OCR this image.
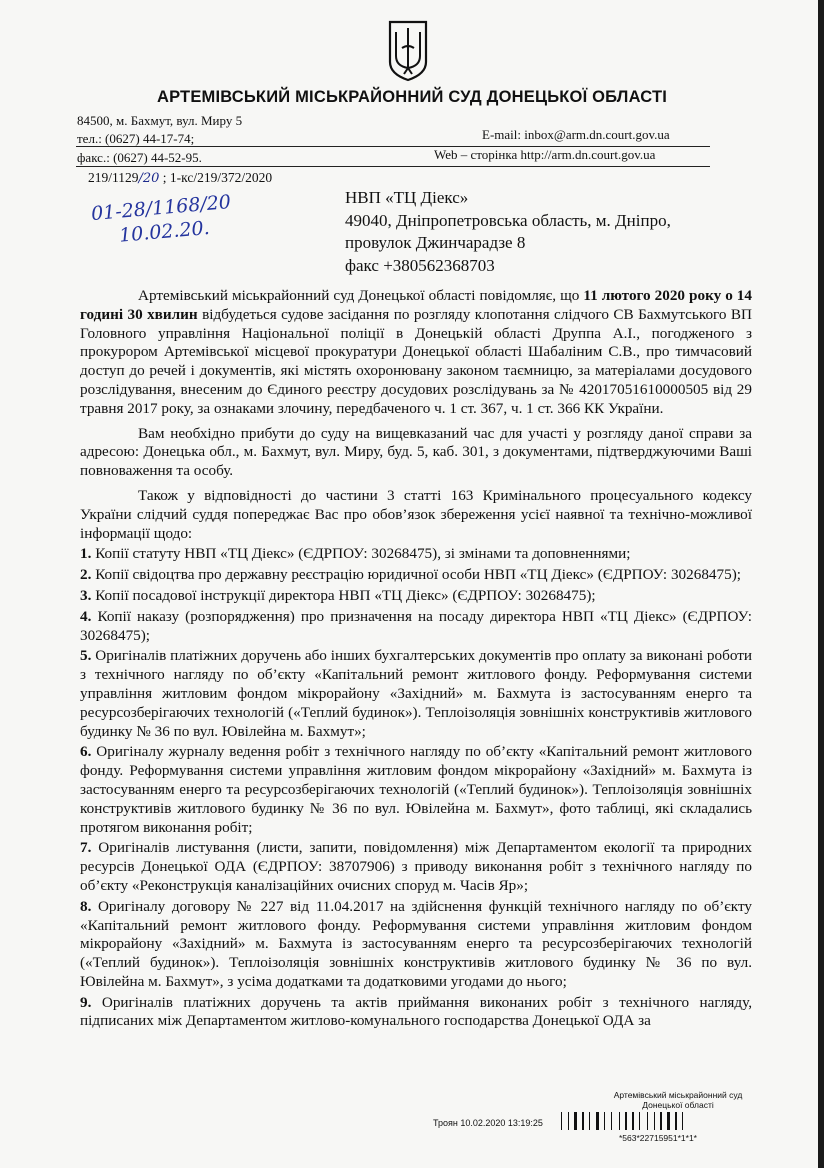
АРТЕМІВСЬКИЙ МІСЬКРАЙОННИЙ СУД ДОНЕЦЬКОЇ ОБЛАСТІ
84500, м. Бахмут, вул. Миру 5
тел.: (0627) 44-17-74;
факс.: (0627) 44-52-95.
E-mail: inbox@arm.dn.court.gov.ua
Web – сторінка http://arm.dn.court.gov.ua
219/1129/20 ; 1-кс/219/372/2020
01-28/1168/20
10.02.20.
НВП «ТЦ Діекс»
49040, Дніпропетровська область, м. Дніпро,
провулок Джинчарадзе 8
факс +380562368703

Артемівський міськрайонний суд Донецької області повідомляє, що 11 лютого 2020 року о 14 годині 30 хвилин відбудеться судове засідання по розгляду клопотання слідчого СВ Бахмутського ВП Головного управління Національної поліції в Донецькій області Друппа А.І., погодженого з прокурором Артемівської місцевої прокуратури Донецької області Шабаліним С.В., про тимчасовий доступ до речей і документів, які містять охоронювану законом таємницю, за матеріалами досудового розслідування, внесеним до Єдиного реєстру досудових розслідувань за № 42017051610000505 від 29 травня 2017 року, за ознаками злочину, передбаченого ч. 1 ст. 367, ч. 1 ст. 366 КК України.

Вам необхідно прибути до суду на вищевказаний час для участі у розгляду даної справи за адресою: Донецька обл., м. Бахмут, вул. Миру, буд. 5, каб. 301, з документами, підтверджуючими Ваші повноваження та особу.

Також у відповідності до частини 3 статті 163 Кримінального процесуального кодексу України слідчий суддя попереджає Вас про обов’язок збереження усієї наявної та технічно-можливої інформації щодо:

1. Копії статуту НВП «ТЦ Діекс» (ЄДРПОУ: 30268475), зі змінами та доповненнями;

2. Копії свідоцтва про державну реєстрацію юридичної особи НВП «ТЦ Діекс» (ЄДРПОУ: 30268475);

3. Копії посадової інструкції директора НВП «ТЦ Діекс» (ЄДРПОУ: 30268475);

4. Копії наказу (розпорядження) про призначення на посаду директора НВП «ТЦ Діекс» (ЄДРПОУ: 30268475);

5. Оригіналів платіжних доручень або інших бухгалтерських документів про оплату за виконані роботи з технічного нагляду по об’єкту «Капітальний ремонт житлового фонду. Реформування системи управління житловим фондом мікрорайону «Західний» м. Бахмута із застосуванням енерго та ресурсозберігаючих технологій («Теплий будинок»). Теплоізоляція зовнішніх конструктивів житлового будинку № 36 по вул. Ювілейна м. Бахмут»;

6. Оригіналу журналу ведення робіт з технічного нагляду по об’єкту «Капітальний ремонт житлового фонду. Реформування системи управління житловим фондом мікрорайону «Західний» м. Бахмута із застосуванням енерго та ресурсозберігаючих технологій («Теплий будинок»). Теплоізоляція зовнішніх конструктивів житлового будинку № 36 по вул. Ювілейна м. Бахмут», фото таблиці, які складались протягом виконання робіт;

7. Оригіналів листування (листи, запити, повідомлення) між Департаментом екології та природних ресурсів Донецької ОДА (ЄДРПОУ: 38707906) з приводу виконання робіт з технічного нагляду по об’єкту «Реконструкція каналізаційних очисних споруд м. Часів Яр»;

8. Оригіналу договору № 227 від 11.04.2017 на здійснення функцій технічного нагляду по об’єкту «Капітальний ремонт житлового фонду. Реформування системи управління житловим фондом мікрорайону «Західний» м. Бахмута із застосуванням енерго та ресурсозберігаючих технологій («Теплий будинок»). Теплоізоляція зовнішніх конструктивів житлового будинку № 36 по вул. Ювілейна м. Бахмут», з усіма додатками та додатковими угодами до нього;

9. Оригіналів платіжних доручень та актів приймання виконаних робіт з технічного нагляду, підписаних між Департаментом житлово-комунального господарства Донецької ОДА за

Троян 10.02.2020 13:19:25
Артемівський міськрайонний суд
Донецької області
*563*22715951*1*1*
